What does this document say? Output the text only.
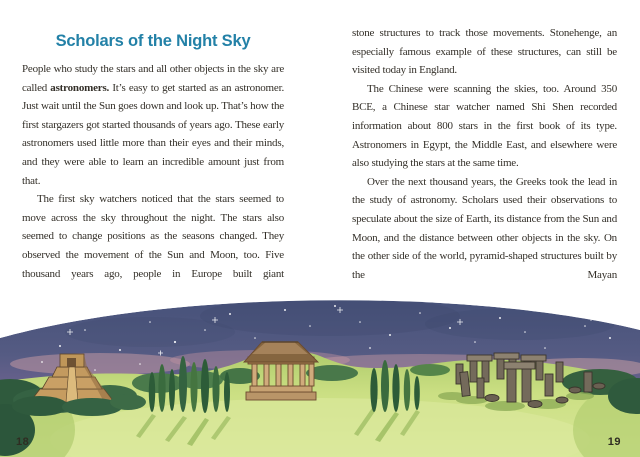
Scholars of the Night Sky

People who study the stars and all other objects in the sky are called astronomers. It’s easy to get started as an astronomer. Just wait until the Sun goes down and look up. That’s how the first stargazers got started thousands of years ago. These early astronomers used little more than their eyes and their minds, and they were able to learn an incredible amount just from that.

The first sky watchers noticed that the stars seemed to move across the sky throughout the night. The stars also seemed to change positions as the seasons changed. They observed the movement of the Sun and Moon, too. Five thousand years ago, people in Europe built giant

stone structures to track those movements. Stonehenge, an especially famous example of these structures, can still be visited today in England.

The Chinese were scanning the skies, too. Around 350 BCE, a Chinese star watcher named Shi Shen recorded information about 800 stars in the first book of its type. Astronomers in Egypt, the Middle East, and elsewhere were also studying the stars at the same time.

Over the next thousand years, the Greeks took the lead in the study of astronomy. Scholars used their observations to speculate about the size of Earth, its distance from the Sun and Moon, and the distance between other objects in the sky. On the other side of the world, pyramid-shaped structures built by the Mayan

18	19
